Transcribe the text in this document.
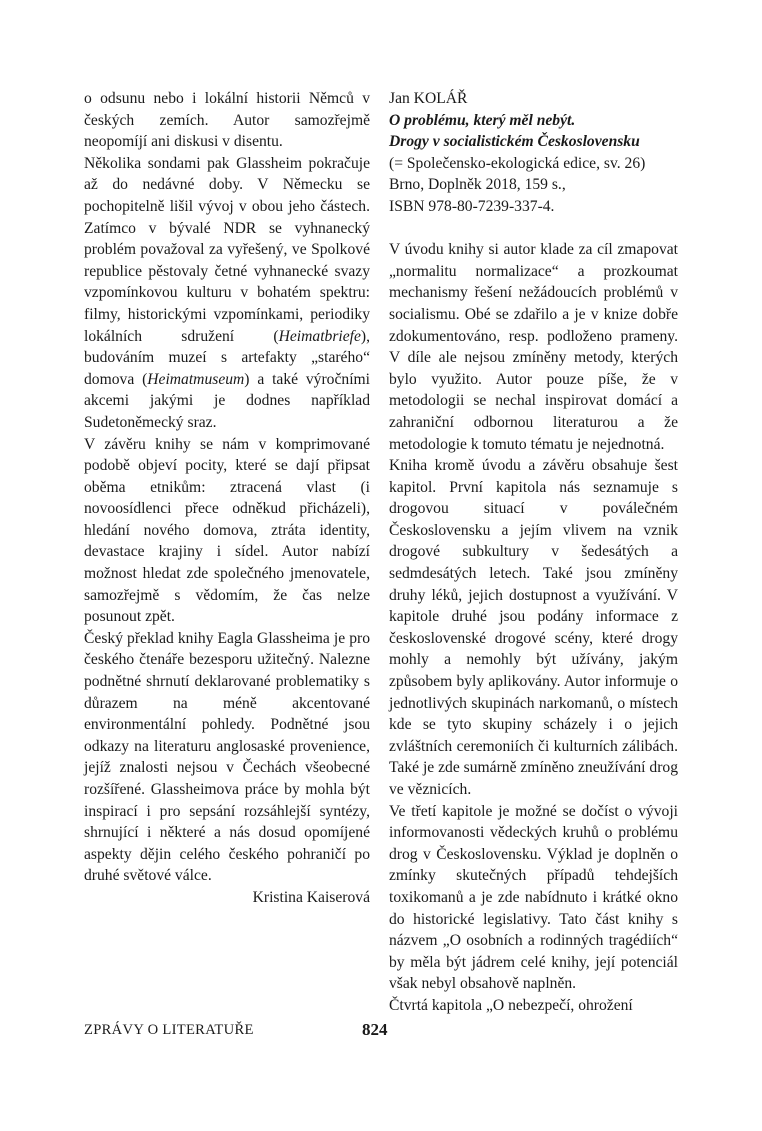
o odsunu nebo i lokální historii Němců v českých zemích. Autor samozřejmě neopomíjí ani diskusi v disentu.

Několika sondami pak Glassheim pokračuje až do nedávné doby. V Německu se pochopitelně lišil vývoj v obou jeho částech. Zatímco v bývalé NDR se vyhnanecký problém považoval za vyřešený, ve Spolkové republice pěstovaly četné vyhnanecké svazy vzpomínkovou kulturu v bohatém spektru: filmy, historickými vzpomínkami, periodiky lokálních sdružení (Heimatbriefe), budováním muzeí s artefakty „starého“ domova (Heimatmuseum) a také výročními akcemi jakými je dodnes například Sudetoněmecký sraz.

V závěru knihy se nám v komprimované podobě objeví pocity, které se dají připsat oběma etnikům: ztracená vlast (i novoosídlenci přece odněkud přicházeli), hledání nového domova, ztráta identity, devastace krajiny i sídel. Autor nabízí možnost hledat zde společného jmenovatele, samozřejmě s vědomím, že čas nelze posunout zpět.

Český překlad knihy Eagla Glassheima je pro českého čtenáře bezesporu užitečný. Nalezne podnětné shrnutí deklarované problematiky s důrazem na méně akcentované environmentální pohledy. Podnětné jsou odkazy na literaturu anglosaské provenience, jejíž znalosti nejsou v Čechách všeobecné rozšířené. Glassheimova práce by mohla být inspirací i pro sepsání rozsáhlejší syntézy, shrnující i některé a nás dosud opomíjené aspekty dějin celého českého pohraničí po druhé světové válce.

Kristina Kaiserová

Jan KOLÁŘ

O problému, který měl nebýt.

Drogy v socialistickém Československu

(= Společensko-ekologická edice, sv. 26)

Brno, Doplněk 2018, 159 s.,

ISBN 978-80-7239-337-4.

V úvodu knihy si autor klade za cíl zmapovat „normalitu normalizace“ a prozkoumat mechanismy řešení nežádoucích problémů v socialismu. Obé se zdařilo a je v knize dobře zdokumentováno, resp. podloženo prameny. V díle ale nejsou zmíněny metody, kterých bylo využito. Autor pouze píše, že v metodologii se nechal inspirovat domácí a zahraniční odbornou literaturou a že metodologie k tomuto tématu je nejednotná.

Kniha kromě úvodu a závěru obsahuje šest kapitol. První kapitola nás seznamuje s drogovou situací v poválečném Československu a jejím vlivem na vznik drogové subkultury v šedesátých a sedmdesátých letech. Také jsou zmíněny druhy léků, jejich dostupnost a využívání. V kapitole druhé jsou podány informace z československé drogové scény, které drogy mohly a nemohly být užívány, jakým způsobem byly aplikovány. Autor informuje o jednotlivých skupinách narkomanů, o místech kde se tyto skupiny scházely i o jejich zvláštních ceremoniích či kulturních zálibách. Také je zde sumárně zmíněno zneužívání drog ve věznicích.

Ve třetí kapitole je možné se dočíst o vývoji informovanosti vědeckých kruhů o problému drog v Československu. Výklad je doplněn o zmínky skutečných případů tehdejších toxikomanů a je zde nabídnuto i krátké okno do historické legislativy. Tato část knihy s názvem „O osobních a rodinných tragédiích“ by měla být jádrem celé knihy, její potenciál však nebyl obsahově naplněn.

Čtvrtá kapitola „O nebezpečí, ohrožení

ZPRÁVY O LITERATUŘE	824
